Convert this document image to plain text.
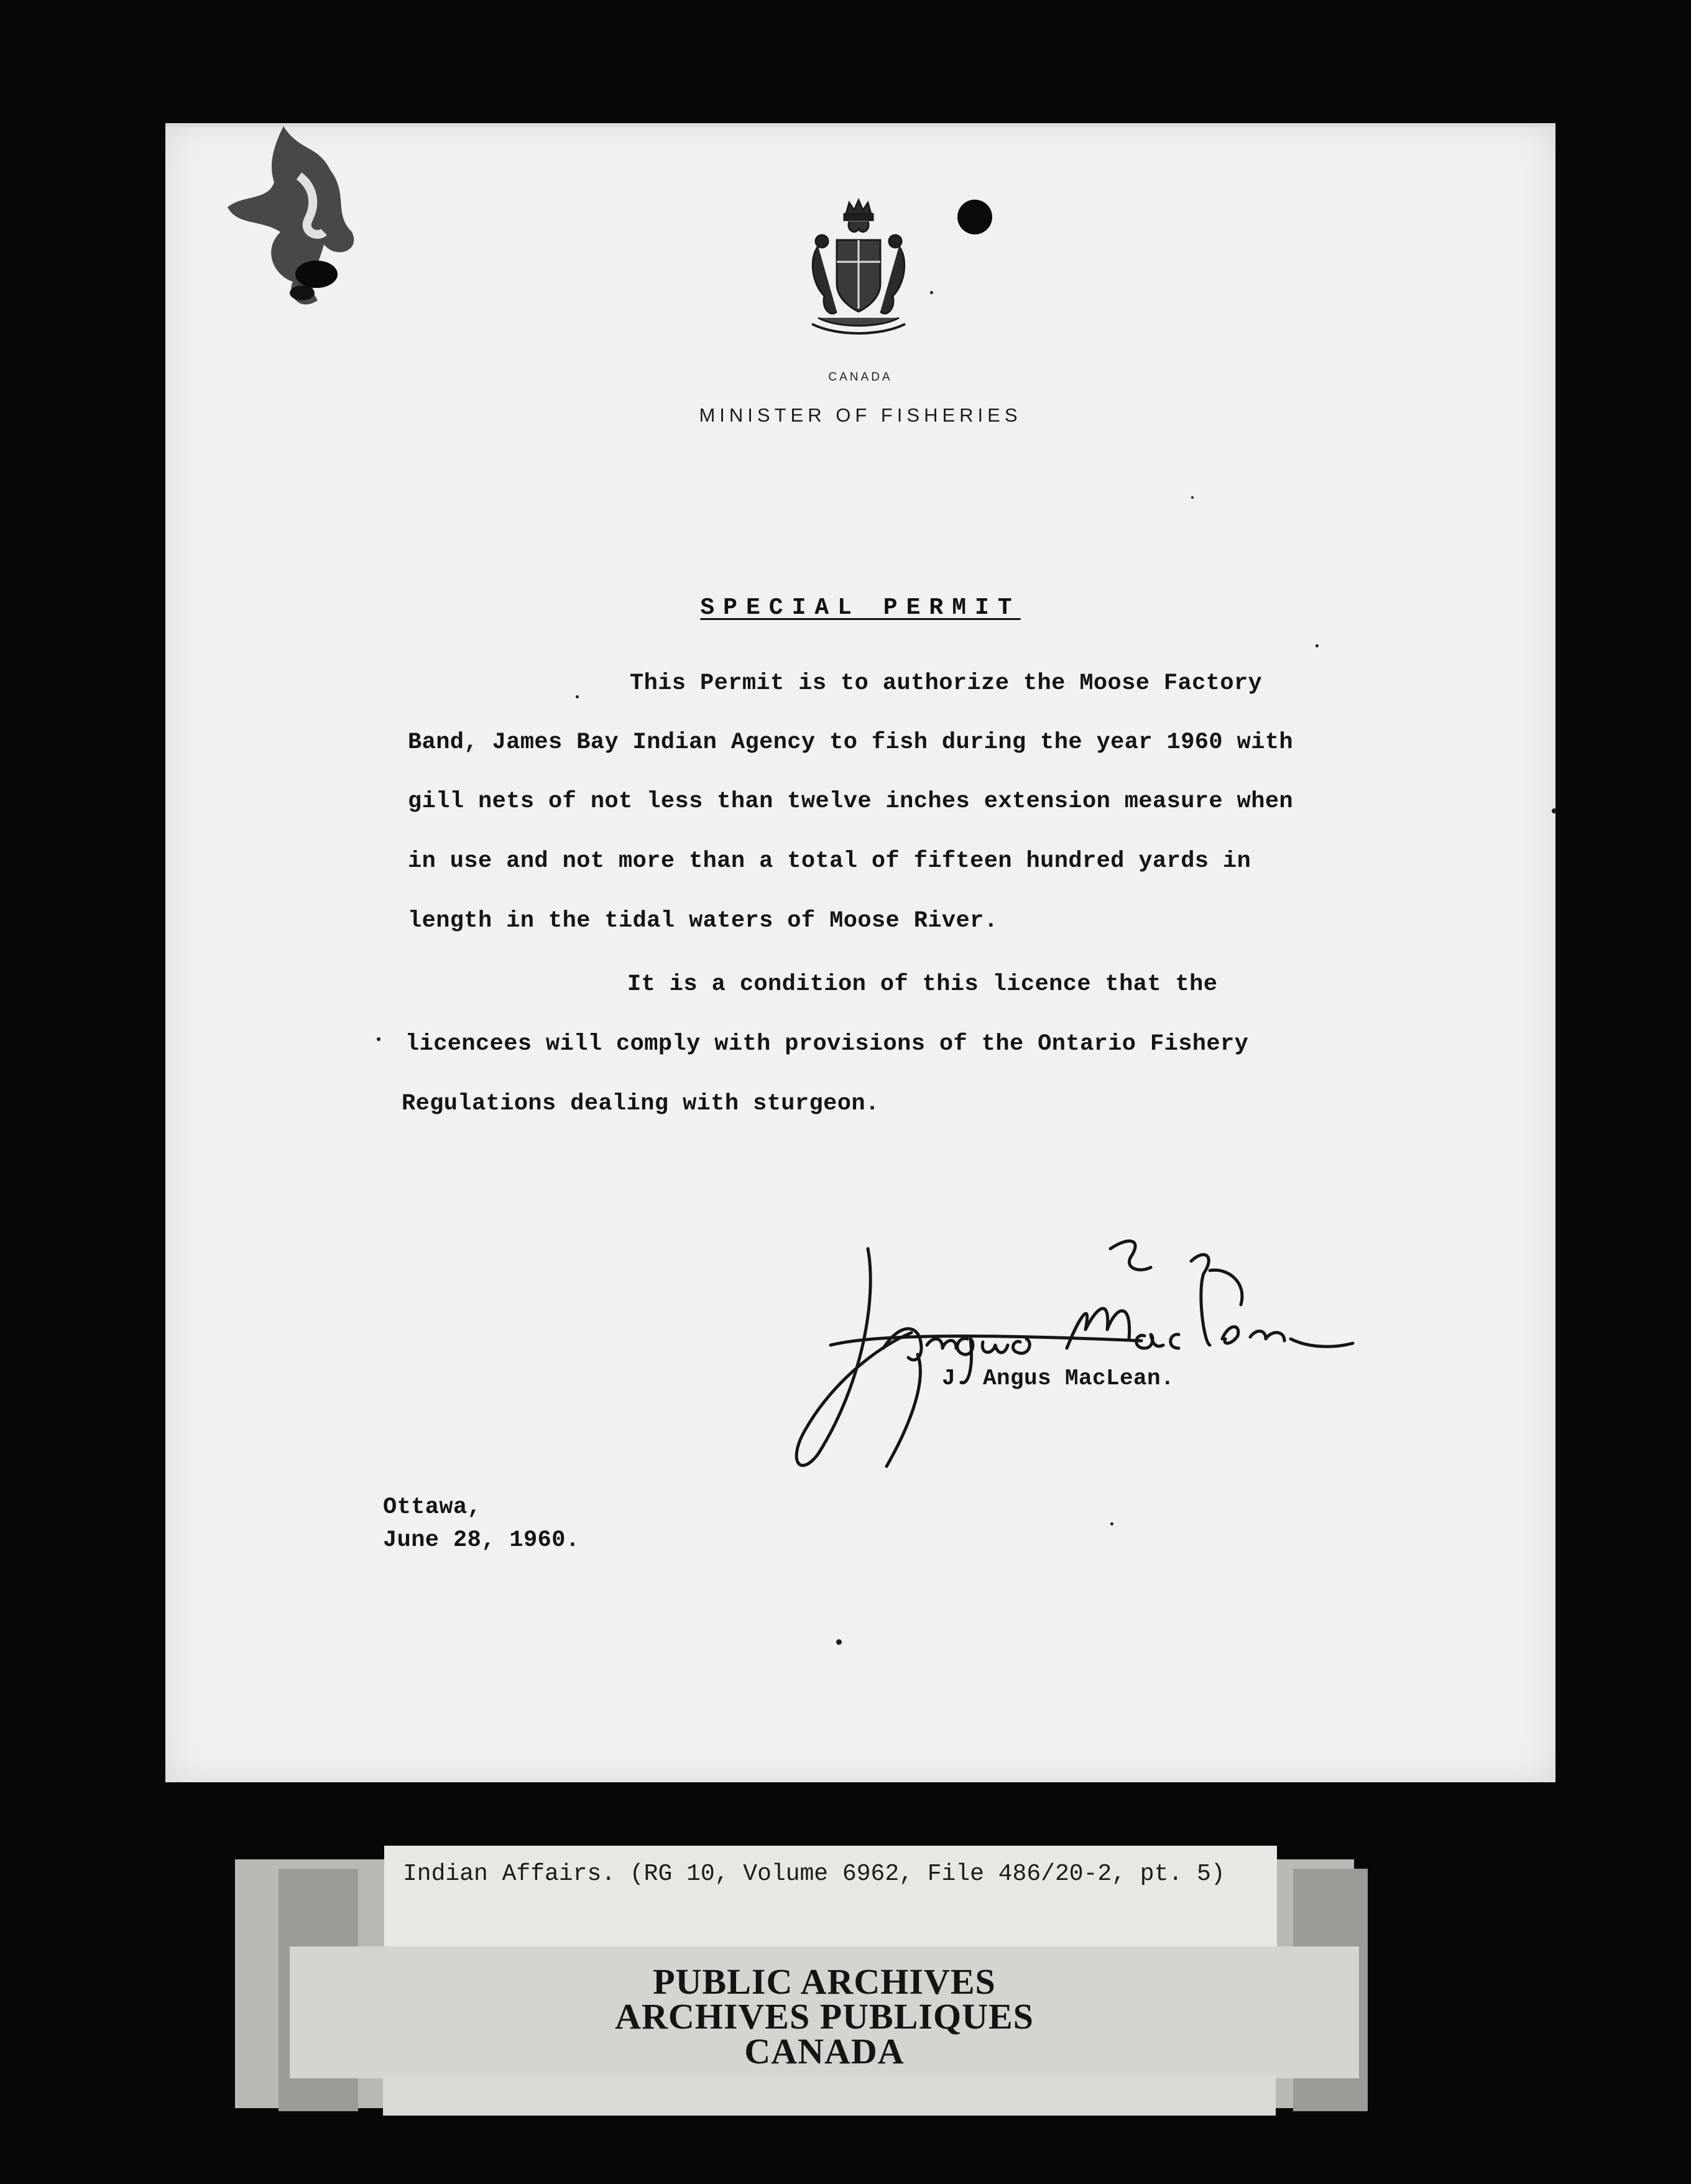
CANADA
MINISTER OF FISHERIES
SPECIAL PERMIT
This Permit is to authorize the Moose Factory
Band, James Bay Indian Agency to fish during the year 1960 with
gill nets of not less than twelve inches extension measure when
in use and not more than a total of fifteen hundred yards in
length in the tidal waters of Moose River.
It is a condition of this licence that the
licencees will comply with provisions of the Ontario Fishery
Regulations dealing with sturgeon.
J. Angus MacLean.
Ottawa,
June 28, 1960.
Indian Affairs. (RG 10, Volume 6962, File 486/20-2, pt. 5)
PUBLIC ARCHIVES
ARCHIVES PUBLIQUES
CANADA
